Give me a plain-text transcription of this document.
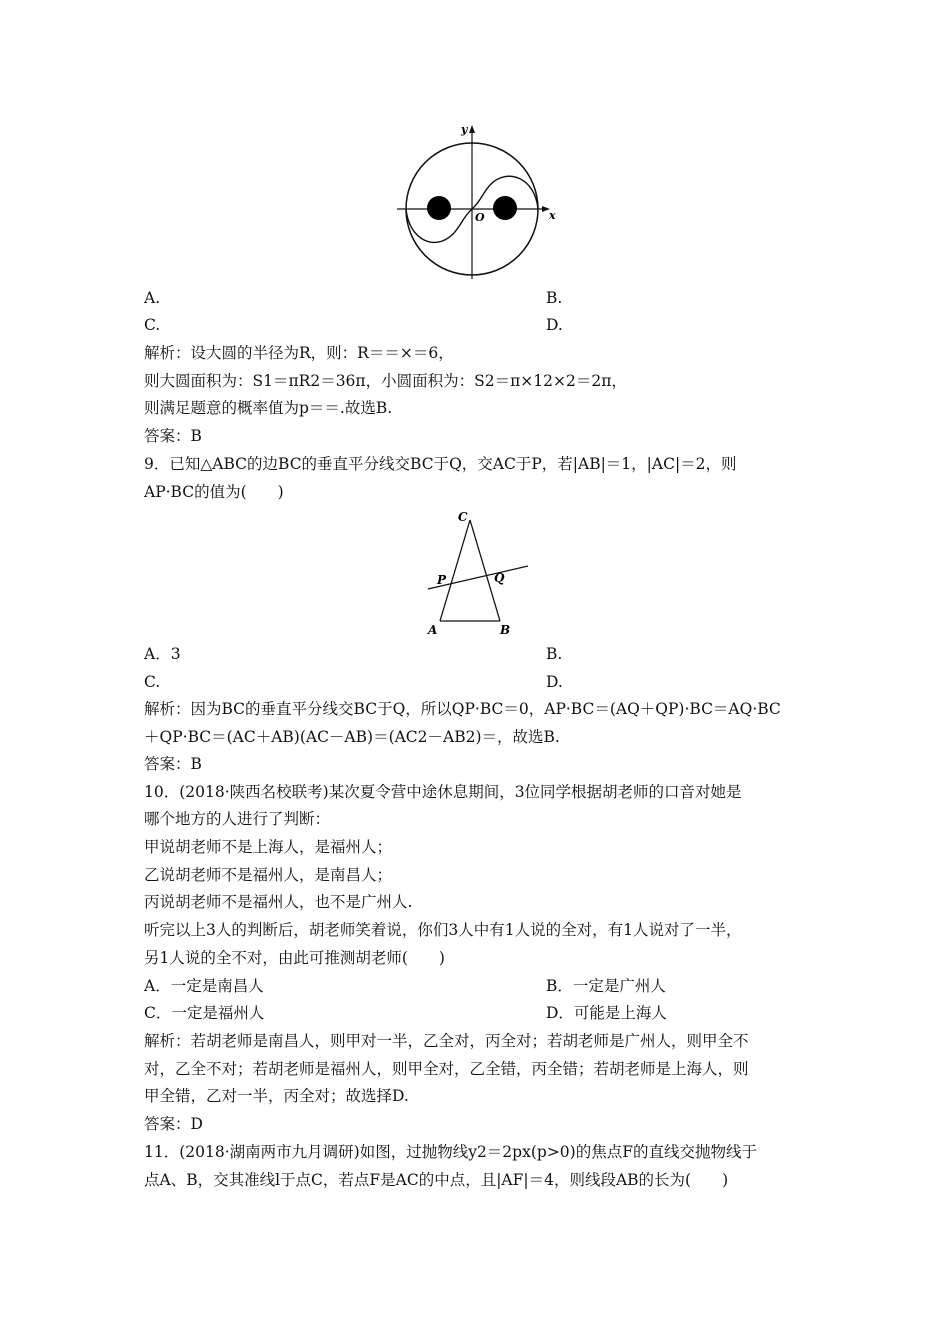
y
O	x
A.	B.
C.	D.
解析：设大圆的半径为R，则：R＝＝×＝6，
则大圆面积为：S1＝πR2＝36π，小圆面积为：S2＝π×12×2＝2π，
则满足题意的概率值为p＝＝.故选B.
答案：B
9．已知△ABC的边BC的垂直平分线交BC于Q，交AC于P，若|AB|＝1，|AC|＝2，则
AP·BC的值为(　　)
C
P	Q
A	B
A．3	B.
C.	D.
解析：因为BC的垂直平分线交BC于Q，所以QP·BC＝0，AP·BC＝(AQ＋QP)·BC＝AQ·BC
＋QP·BC＝(AC＋AB)(AC－AB)＝(AC2－AB2)＝，故选B.
答案：B
10．(2018·陕西名校联考)某次夏令营中途休息期间，3位同学根据胡老师的口音对她是
哪个地方的人进行了判断：
甲说胡老师不是上海人，是福州人；
乙说胡老师不是福州人，是南昌人；
丙说胡老师不是福州人，也不是广州人.
听完以上3人的判断后，胡老师笑着说，你们3人中有1人说的全对，有1人说对了一半，
另1人说的全不对，由此可推测胡老师(　　)
A．一定是南昌人	B．一定是广州人
C．一定是福州人	D．可能是上海人
解析：若胡老师是南昌人，则甲对一半，乙全对，丙全对；若胡老师是广州人，则甲全不
对，乙全不对；若胡老师是福州人，则甲全对，乙全错，丙全错；若胡老师是上海人，则
甲全错，乙对一半，丙全对；故选择D.
答案：D
11．(2018·湖南两市九月调研)如图，过抛物线y2＝2px(p>0)的焦点F的直线交抛物线于
点A、B，交其准线l于点C，若点F是AC的中点，且|AF|＝4，则线段AB的长为(　　)
